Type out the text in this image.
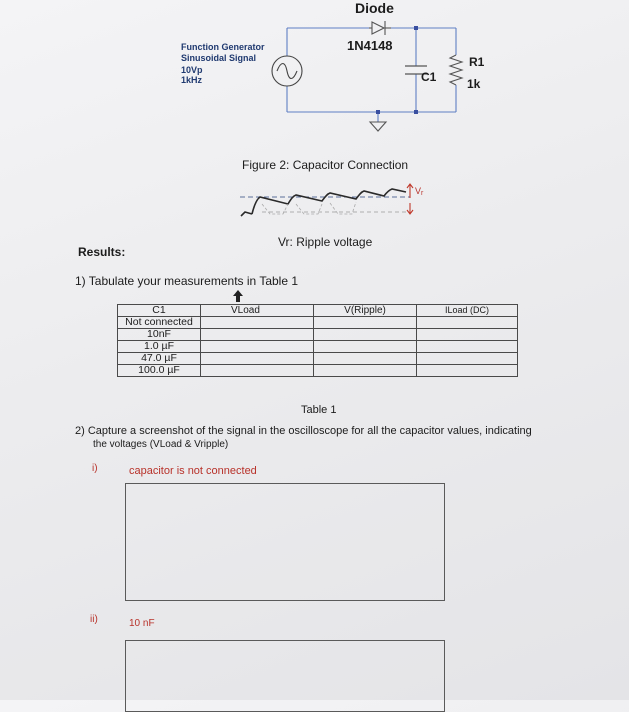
Diode
1N4148
Function Generator
Sinusoidal Signal
10Vp
1kHz	C1
R1
1k
Figure 2: Capacitor Connection
$V_r$
Vr: Ripple voltage
Results:
1) Tabulate your measurements in Table 1
C1	VLoad	V(Ripple)	ILoad (DC)
Not connected			
10nF			
1.0 µF			
47.0 µF			
100.0 µF			
Table 1
2) Capture a screenshot of the signal in the oscilloscope for all the capacitor values, indicating
the voltages (VLoad & Vripple)
i)	capacitor is not connected
ii)	10 nF
